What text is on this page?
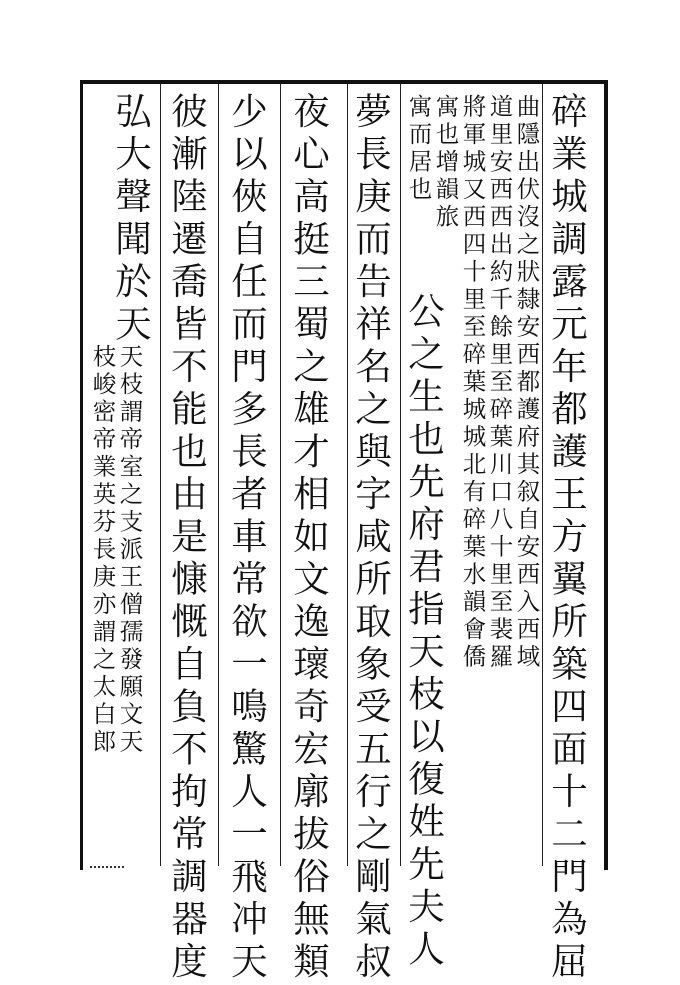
碎業城調露元年都護王方翼所築四面十二門為屈
曲隱出伏沒之狀隸安西都護府其叙自安西入西域
道里安西西出約千餘里至碎葉川口八十里至裴羅
將軍城又西四十里至碎葉城城北有碎葉水韻會僑
寓也增韻旅
寓而居也
公之生也先府君指天枝以復姓先夫人
夢長庚而告祥名之與字咸所取象受五行之剛氣叔
夜心高挺三蜀之雄才相如文逸瓌奇宏廓拔俗無類
少以俠自任而門多長者車常欲一鳴驚人一飛冲天
彼漸陸遷喬皆不能也由是慷慨自負不拘常調器度
弘大聲聞於天
天枝謂帝室之支派王僧孺發願文天
枝峻密帝業英芬長庚亦謂之太白郎
